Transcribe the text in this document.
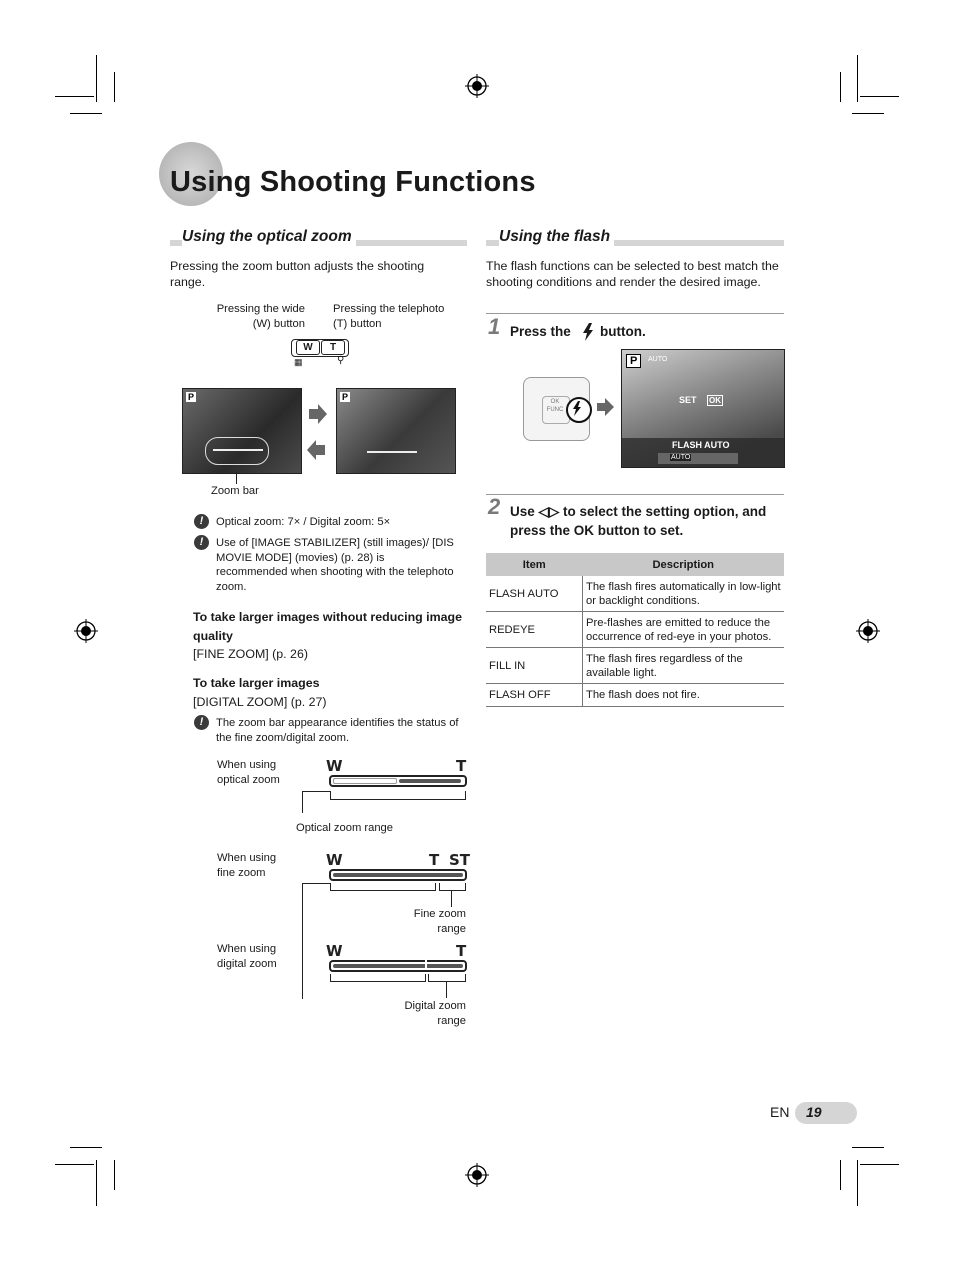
Using Shooting Functions
Using the optical zoom
Pressing the zoom button adjusts the shooting range.
Pressing the wide (W) button
Pressing the telephoto (T) button
W	T
▦	⚲
P	P
Zoom bar
!	Optical zoom: 7× / Digital zoom: 5×
!	Use of [IMAGE STABILIZER] (still images)/ [DIS MOVIE MODE] (movies) (p. 28) is recommended when shooting with the telephoto zoom.
To take larger images without reducing image quality
[FINE ZOOM] (p. 26)
To take larger images
[DIGITAL ZOOM] (p. 27)
!	The zoom bar appearance identifies the status of the fine zoom/digital zoom.
When using optical zoom
W	T
Optical zoom range
When using fine zoom
W	T ST
Fine zoom range
When using digital zoom
W	T
Digital zoom range
Using the flash
The flash functions can be selected to best match the shooting conditions and render the desired image.
1 Press the button.
OK FUNC
P	AUTO
SET OK
FLASH AUTO
AUTO
2 Use ◁▷ to select the setting option, and press the OK button to set.
Item	Description
FLASH AUTO	The flash fires automatically in low-light or backlight conditions.
REDEYE	Pre-flashes are emitted to reduce the occurrence of red-eye in your photos.
FILL IN	The flash fires regardless of the available light.
FLASH OFF	The flash does not fire.
EN 19
